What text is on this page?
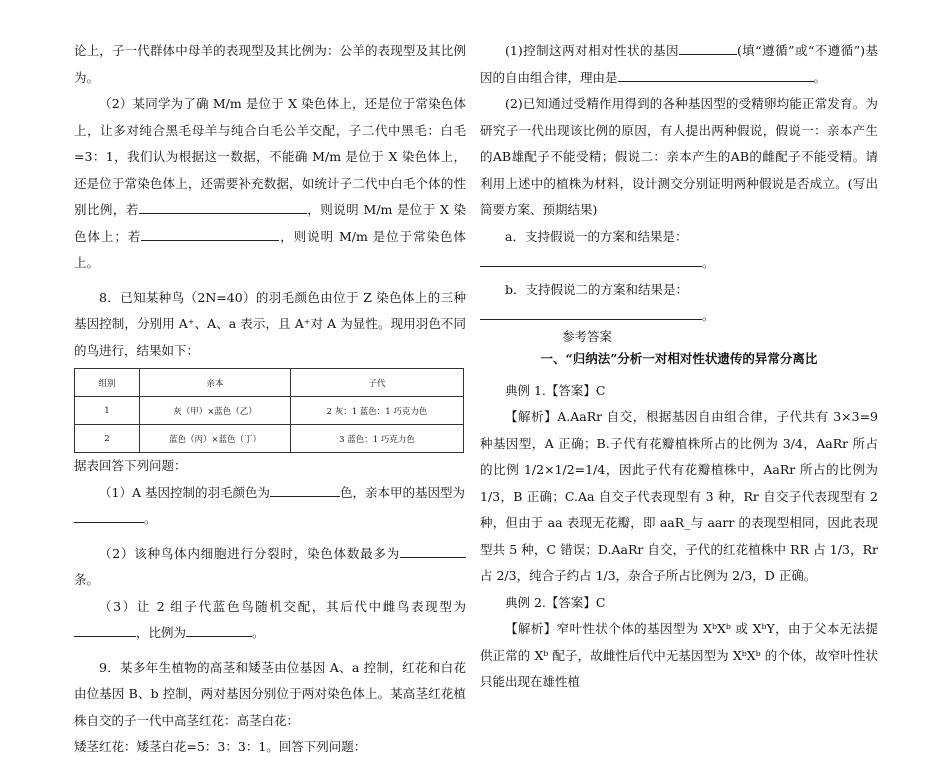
论上，子一代群体中母羊的表现型及其比例为：公羊的表现型及其比例为。

（2）某同学为了确 M/m 是位于 X 染色体上，还是位于常染色体上，让多对纯合黑毛母羊与纯合白毛公羊交配，子二代中黑毛：白毛=3：1，我们认为根据这一数据，不能确 M/m 是位于 X 染色体上，还是位于常染色体上，还需要补充数据，如统计子二代中白毛个体的性别比例，若	，则说明 M/m 是位于 X 染色体上；若	，则说明 M/m 是位于常染色体上。

8．已知某种鸟（2N=40）的羽毛颜色由位于 Z 染色体上的三种基因控制，分别用 A⁺、A、a 表示，且 A⁺对 A 为显性。现用羽色不同的鸟进行，结果如下：

组别	亲本	子代
1	灰（甲）×蓝色（乙）	2 灰：1 蓝色：1 巧克力色
2	蓝色（丙）×蓝色（丁）	3 蓝色：1 巧克力色

据表回答下列问题：

（1）A 基因控制的羽毛颜色为	色，亲本甲的基因型为
。

（2）该种鸟体内细胞进行分裂时，染色体数最多为条。

（3）让 2 组子代蓝色鸟随机交配，其后代中雌鸟表现型为，比例为	。

9．某多年生植物的高茎和矮茎由位基因 A、a 控制，红花和白花由位基因 B、b 控制，两对基因分别位于两对染色体上。某高茎红花植株自交的子一代中高茎红花：高茎白花：
矮茎红花：矮茎白花=5：3：3：1。回答下列问题：

(1)控制这两对相对性状的基因	(填“遵循”或“不遵循”)基因的自由组合律，理由是	。

(2)已知通过受精作用得到的各种基因型的受精卵均能正常发育。为研究子一代出现该比例的原因，有人提出两种假说，假说一：亲本产生的AB雄配子不能受精；假说二：亲本产生的AB的雌配子不能受精。请利用上述中的植株为材料，设计测交分别证明两种假说是否成立。(写出简要方案、预期结果)

a．支持假说一的方案和结果是：

。

b．支持假说二的方案和结果是：

。

参考答案

一、“归纳法”分析一对相对性状遗传的异常分离比

典例 1.【答案】C

【解析】A.AaRr 自交，根据基因自由组合律，子代共有 3×3=9 种基因型，A 正确；B.子代有花瓣植株所占的比例为 3/4，AaRr 所占的比例 1/2×1/2=1/4，因此子代有花瓣植株中，AaRr 所占的比例为 1/3，B 正确；C.Aa 自交子代表现型有 3 种，Rr 自交子代表现型有 2 种，但由于 aa 表现无花瓣，即 aaR_与 aarr 的表现型相同，因此表现型共 5 种，C 错误；D.AaRr 自交，子代的红花植株中 RR 占 1/3，Rr 占 2/3，纯合子约占 1/3，杂合子所占比例为 2/3，D 正确。

典例 2.【答案】C

【解析】窄叶性状个体的基因型为 XᵇXᵇ 或 XᵇY，由于父本无法提供正常的 Xᵇ 配子，故雌性后代中无基因型为 XᵇXᵇ 的个体，故窄叶性状只能出现在雄性植
